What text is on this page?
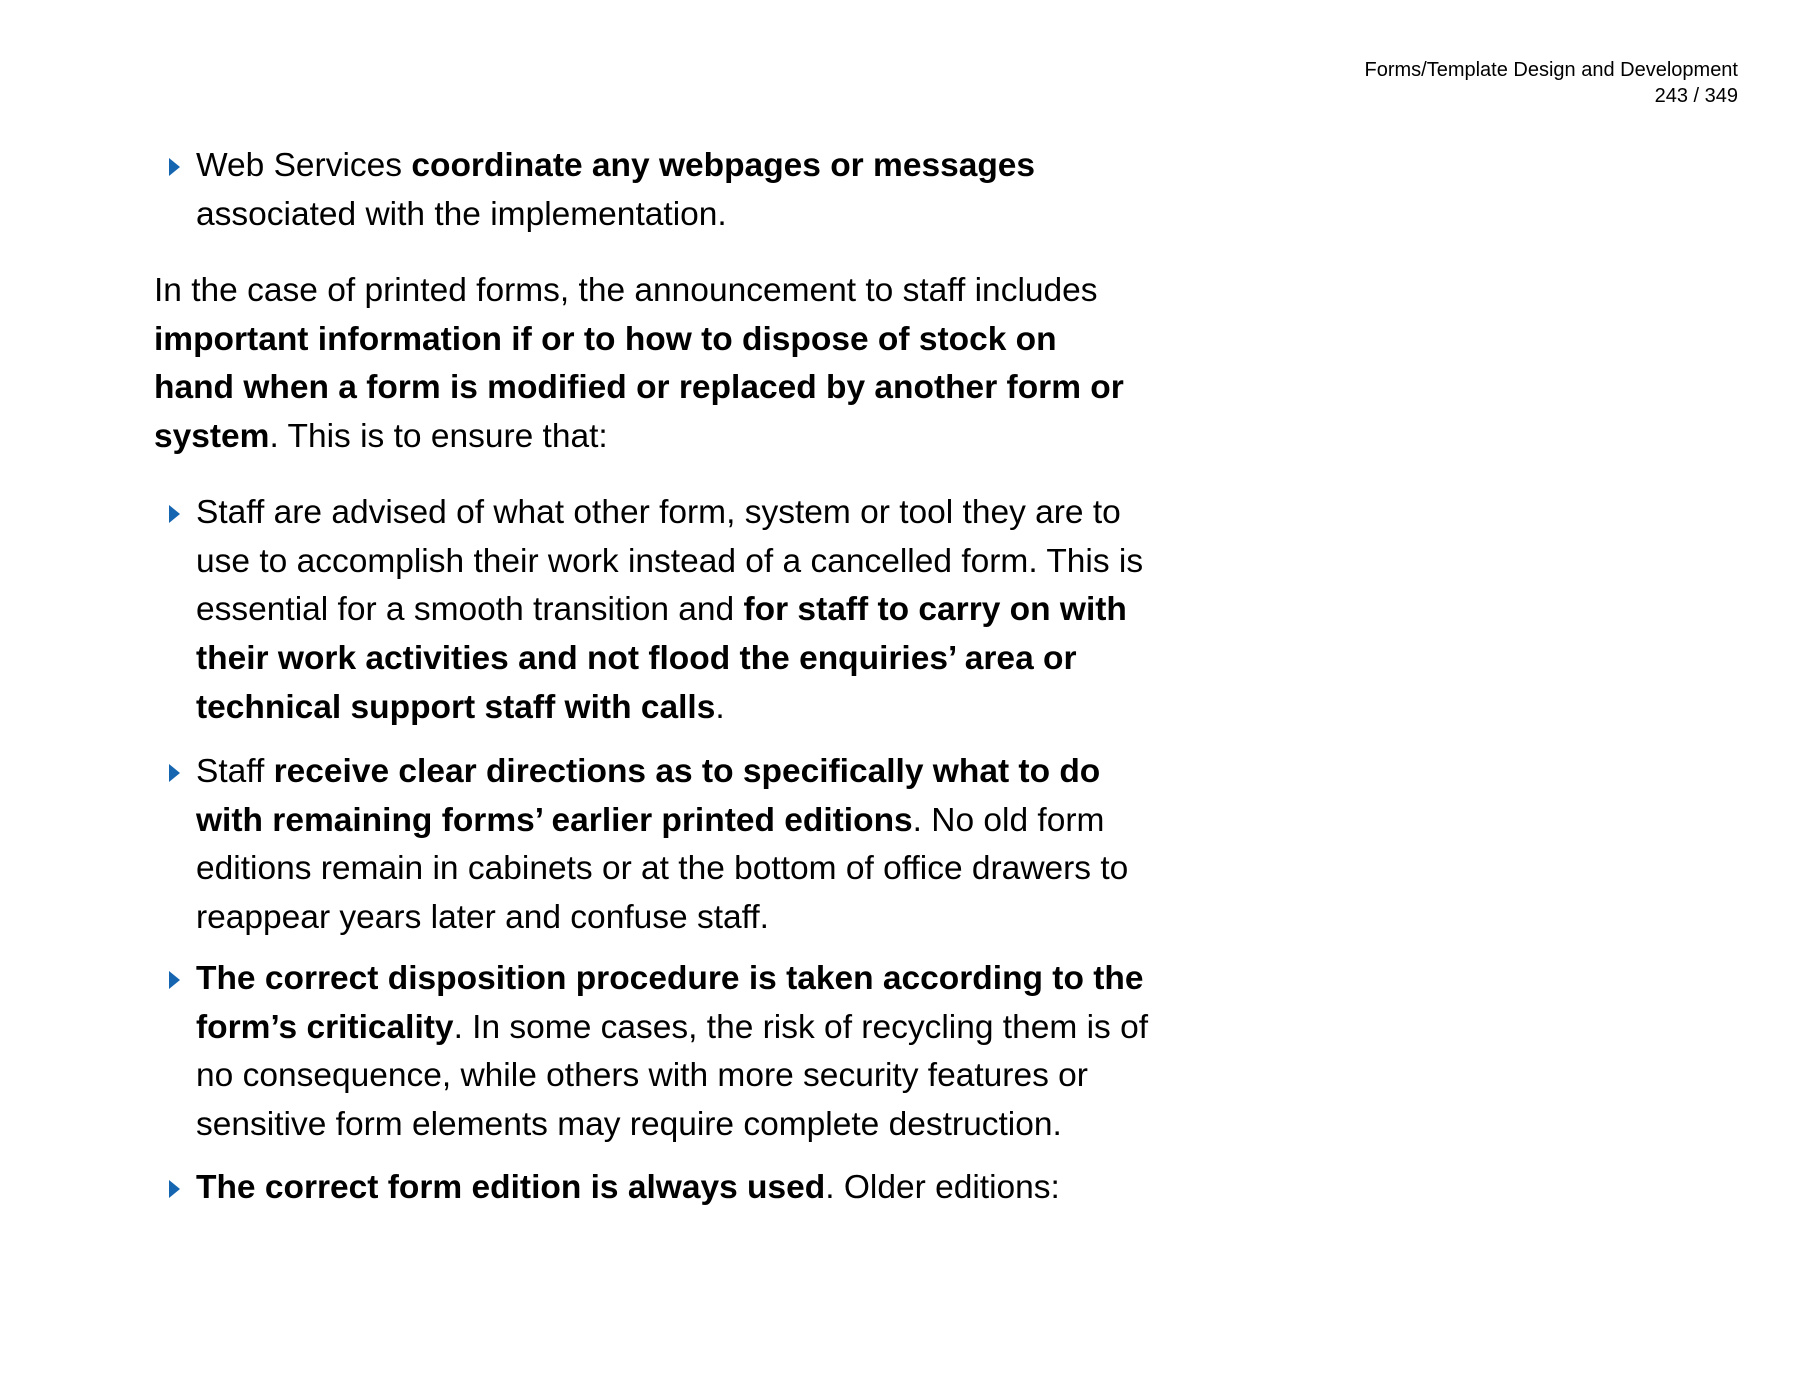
Forms/Template Design and Development
243 / 349
Web Services coordinate any webpages or messages
associated with the implementation.
In the case of printed forms, the announcement to staff includes
important information if or to how to dispose of stock on
hand when a form is modified or replaced by another form or
system. This is to ensure that:
Staff are advised of what other form, system or tool they are to
use to accomplish their work instead of a cancelled form. This is
essential for a smooth transition and for staff to carry on with
their work activities and not flood the enquiries’ area or
technical support staff with calls.
Staff receive clear directions as to specifically what to do
with remaining forms’ earlier printed editions. No old form
editions remain in cabinets or at the bottom of office drawers to
reappear years later and confuse staff.
The correct disposition procedure is taken according to the
form’s criticality. In some cases, the risk of recycling them is of
no consequence, while others with more security features or
sensitive form elements may require complete destruction.
The correct form edition is always used. Older editions:
